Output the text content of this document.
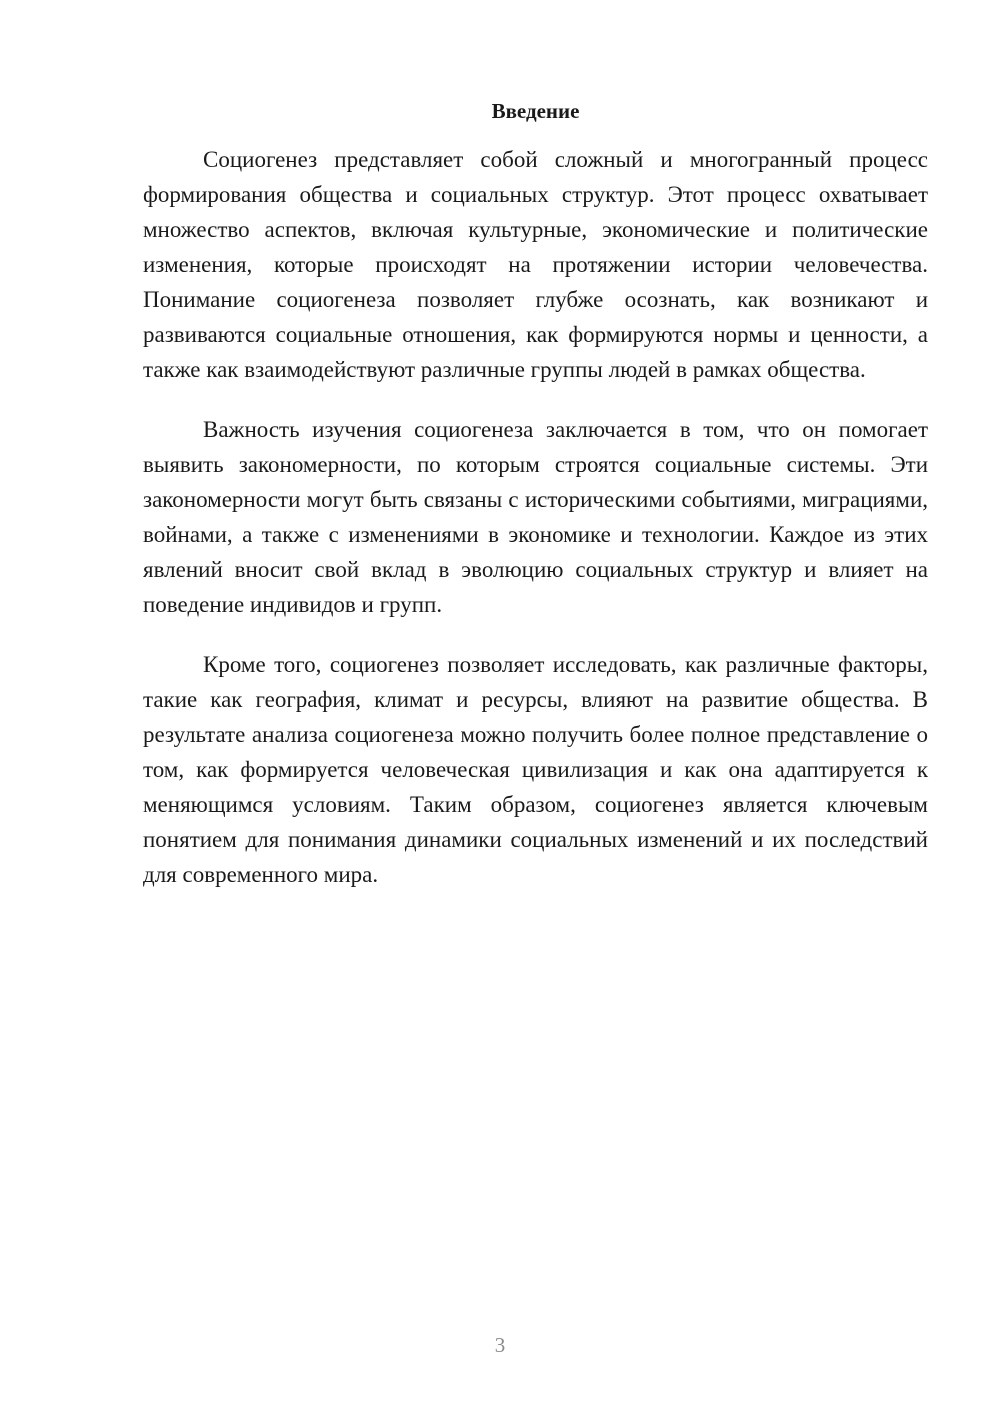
Введение

Социогенез представляет собой сложный и многогранный процесс формирования общества и социальных структур. Этот процесс охватывает множество аспектов, включая культурные, экономические и политические изменения, которые происходят на протяжении истории человечества. Понимание социогенеза позволяет глубже осознать, как возникают и развиваются социальные отношения, как формируются нормы и ценности, а также как взаимодействуют различные группы людей в рамках общества.

Важность изучения социогенеза заключается в том, что он помогает выявить закономерности, по которым строятся социальные системы. Эти закономерности могут быть связаны с историческими событиями, миграциями, войнами, а также с изменениями в экономике и технологии. Каждое из этих явлений вносит свой вклад в эволюцию социальных структур и влияет на поведение индивидов и групп.

Кроме того, социогенез позволяет исследовать, как различные факторы, такие как география, климат и ресурсы, влияют на развитие общества. В результате анализа социогенеза можно получить более полное представление о том, как формируется человеческая цивилизация и как она адаптируется к меняющимся условиям. Таким образом, социогенез является ключевым понятием для понимания динамики социальных изменений и их последствий для современного мира.

3
